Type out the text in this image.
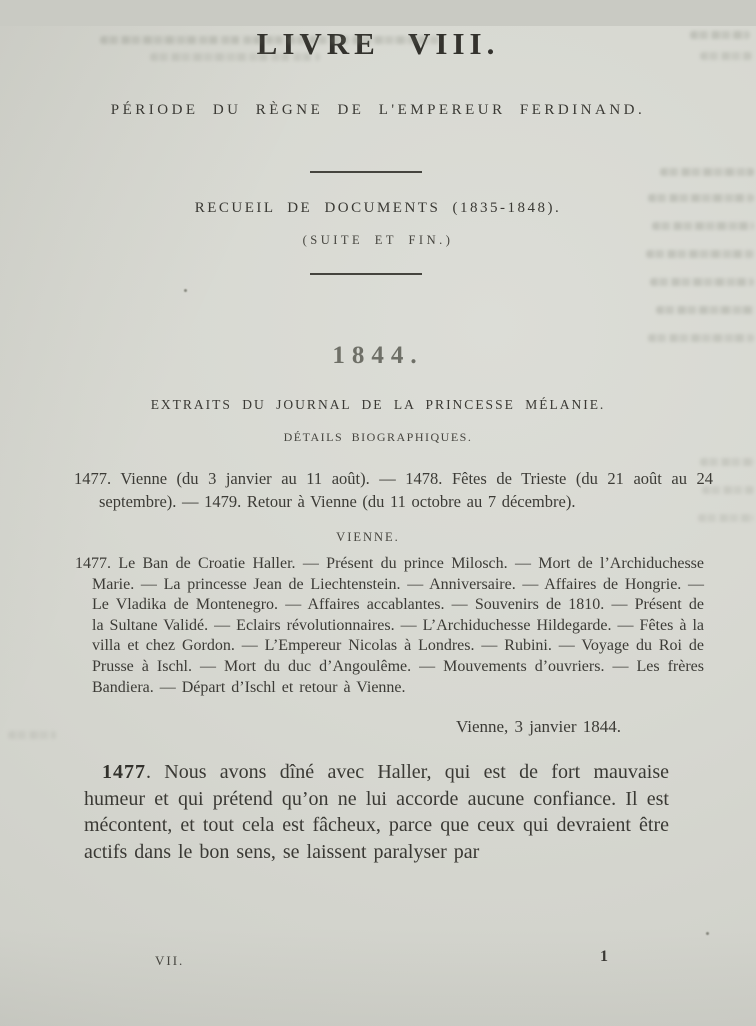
LIVRE VIII.
PÉRIODE DU RÈGNE DE L'EMPEREUR FERDINAND.
RECUEIL DE DOCUMENTS (1835-1848).
(SUITE ET FIN.)
1844.
EXTRAITS DU JOURNAL DE LA PRINCESSE MÉLANIE.
DÉTAILS BIOGRAPHIQUES.

1477. Vienne (du 3 janvier au 11 août). — 1478. Fêtes de Trieste (du 21 août au 24 septembre). — 1479. Retour à Vienne (du 11 octobre au 7 décembre).

VIENNE.

1477. Le Ban de Croatie Haller. — Présent du prince Milosch. — Mort de l’Archiduchesse Marie. — La princesse Jean de Liechtenstein. — Anniversaire. — Affaires de Hongrie. — Le Vladika de Montenegro. — Affaires accablantes. — Souvenirs de 1810. — Présent de la Sultane Validé. — Eclairs révolutionnaires. — L’Archiduchesse Hildegarde. — Fêtes à la villa et chez Gordon. — L’Empereur Nicolas à Londres. — Rubini. — Voyage du Roi de Prusse à Ischl. — Mort du duc d’Angoulême. — Mouvements d’ouvriers. — Les frères Bandiera. — Départ d’Ischl et retour à Vienne.

Vienne, 3 janvier 1844.

1477. Nous avons dîné avec Haller, qui est de fort mauvaise humeur et qui prétend qu’on ne lui accorde aucune confiance. Il est mécontent, et tout cela est fâcheux, parce que ceux qui devraient être actifs dans le bon sens, se laissent paralyser par

VII.	1
